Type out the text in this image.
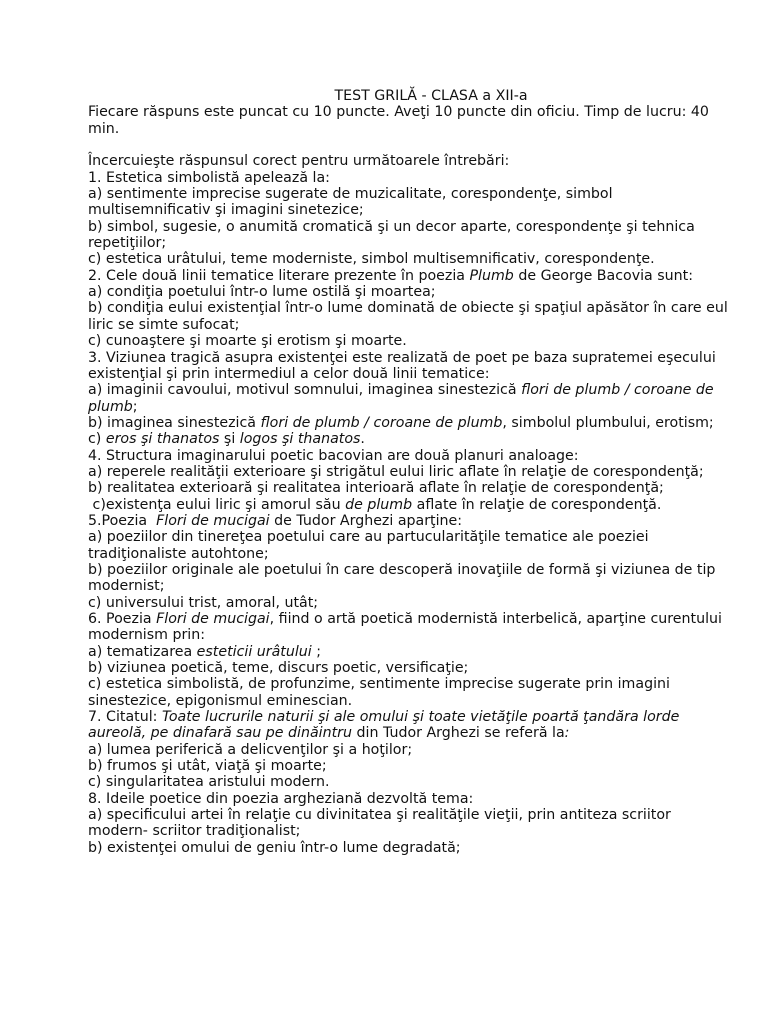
TEST GRILĂ - CLASA a XII-a
Fiecare răspuns este puncat cu 10 puncte. Aveţi 10 puncte din oficiu. Timp de lucru: 40 min.
Încercuieşte răspunsul corect pentru următoarele întrebări:
1. Estetica simbolistă apelează la:
a) sentimente imprecise sugerate de muzicalitate, corespondenţe, simbol multisemnificativ şi imagini sinetezice;
b) simbol, sugesie, o anumită cromatică şi un decor aparte, corespondenţe şi tehnica repetiţiilor;
c) estetica urâtului, teme moderniste, simbol multisemnificativ, corespondenţe.
2. Cele două linii tematice literare prezente în poezia Plumb de George Bacovia sunt:
a) condiţia poetului într-o lume ostilă şi moartea;
b) condiţia eului existenţial într-o lume dominată de obiecte şi spaţiul apăsător în care eul liric se simte sufocat;
c) cunoaştere şi moarte şi erotism şi moarte.
3. Viziunea tragică asupra existenţei este realizată de poet pe baza supratemei eşecului existenţial şi prin intermediul a celor două linii tematice:
a) imaginii cavoului, motivul somnului, imaginea sinestezică flori de plumb / coroane de plumb;
b) imaginea sinestezică flori de plumb / coroane de plumb, simbolul plumbului, erotism;
c) eros şi thanatos şi logos şi thanatos.
4. Structura imaginarului poetic bacovian are două planuri analoage:
a) reperele realităţii exterioare şi strigătul eului liric aflate în relaţie de corespondenţă;
b) realitatea exterioară şi realitatea interioară aflate în relaţie de corespondenţă;
c)existenţa eului liric şi amorul său de plumb aflate în relaţie de corespondenţă.
5.Poezia  Flori de mucigai de Tudor Arghezi aparţine:
a) poeziilor din tinereţea poetului care au partucularităţile tematice ale poeziei tradiţionaliste autohtone;
b) poeziilor originale ale poetului în care descoperă inovaţiile de formă şi viziunea de tip modernist;
c) universului trist, amoral, utât;
6. Poezia Flori de mucigai, fiind o artă poetică modernistă interbelică, aparţine curentului modernism prin:
a) tematizarea esteticii urâtului ;
b) viziunea poetică, teme, discurs poetic, versificaţie;
c) estetica simbolistă, de profunzime, sentimente imprecise sugerate prin imagini sinestezice, epigonismul eminescian.
7. Citatul: Toate lucrurile naturii şi ale omului şi toate vietăţile poartă ţandăra lorde aureolă, pe dinafară sau pe dinăintru din Tudor Arghezi se referă la:
a) lumea periferică a delicvenţilor şi a hoţilor;
b) frumos şi utât, viaţă şi moarte;
c) singularitatea aristului modern.
8. Ideile poetice din poezia argheziană dezvoltă tema:
a) specificului artei în relaţie cu divinitatea şi realităţile vieţii, prin antiteza scriitor modern- scriitor tradiţionalist;
b) existenţei omului de geniu într-o lume degradată;
